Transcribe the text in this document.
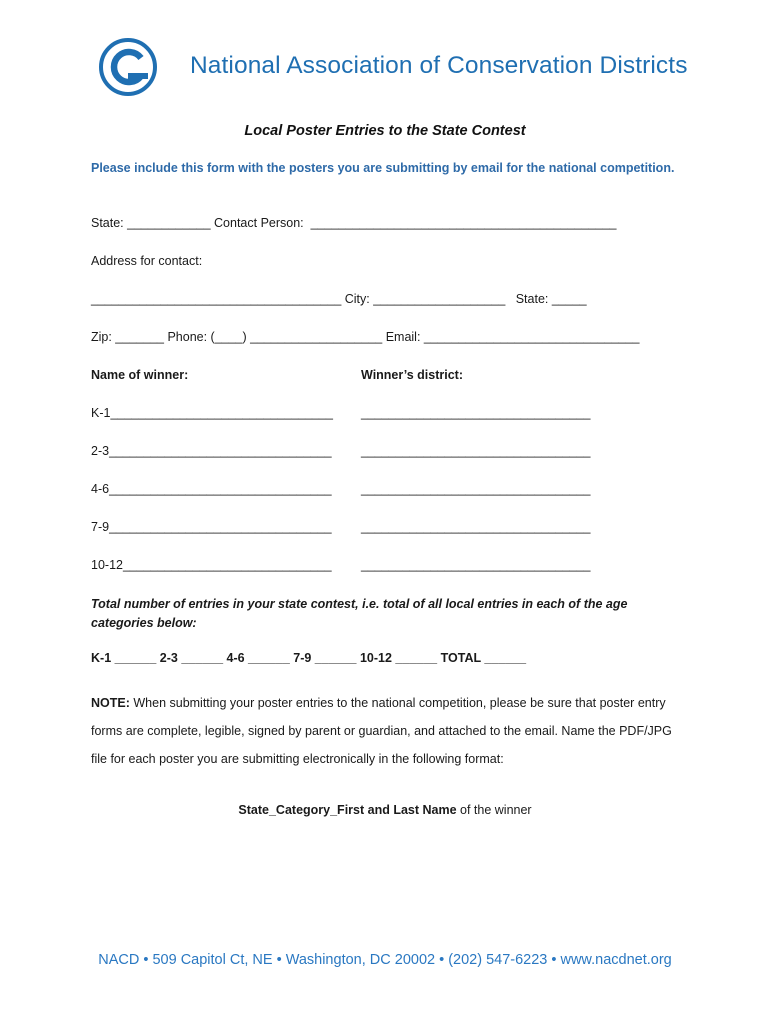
National Association of Conservation Districts
Local Poster Entries to the State Contest
Please include this form with the posters you are submitting by email for the national competition.
State: ____________ Contact Person:  ____________________________________________
Address for contact:
____________________________________ City: ___________________   State: _____
Zip: _______ Phone: (____) ___________________ Email: _______________________________
Name of winner:	Winner’s district:
K-1________________________________ _________________________________
2-3________________________________ _________________________________
4-6________________________________ _________________________________
7-9________________________________ _________________________________
10-12______________________________ _________________________________
Total number of entries in your state contest, i.e. total of all local entries in each of the age categories below:
K-1 ______ 2-3 ______ 4-6 ______ 7-9 ______ 10-12 ______ TOTAL ______
NOTE: When submitting your poster entries to the national competition, please be sure that poster entry forms are complete, legible, signed by parent or guardian, and attached to the email. Name the PDF/JPG file for each poster you are submitting electronically in the following format:
State_Category_First and Last Name of the winner
NACD • 509 Capitol Ct, NE • Washington, DC 20002 • (202) 547-6223 • www.nacdnet.org
